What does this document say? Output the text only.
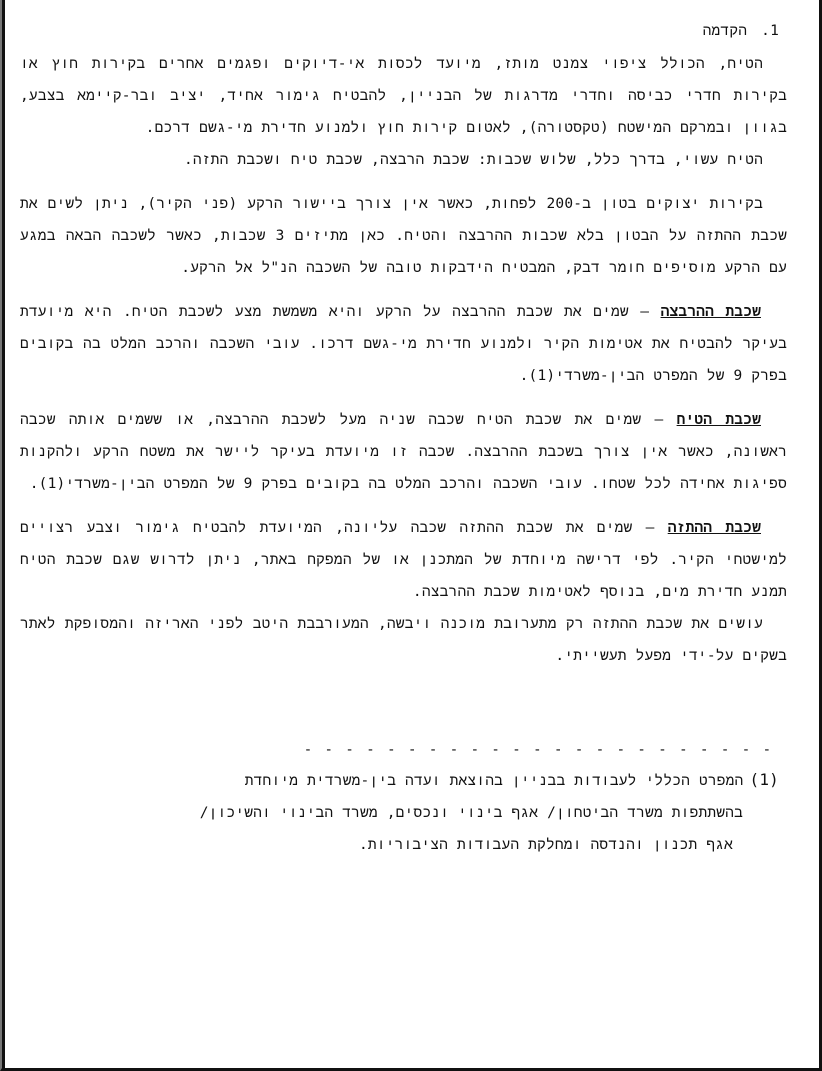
1.הקדמה

הטיח, הכולל ציפוי צמנט מותז, מיועד לכסות אי-דיוקים ופגמים אחרים בקירות חוץ או בקירות חדרי כביסה וחדרי מדרגות של הבניין, להבטיח גימור אחיד, יציב ובר-קיימא בצבע, בגוון ובמרקם המישטח (טקסטורה), לאטום קירות חוץ ולמנוע חדירת מי-גשם דרכם.

הטיח עשוי, בדרך כלל, שלוש שכבות: שכבת הרבצה, שכבת טיח ושכבת התזה.

בקירות יצוקים בטון ב-200 לפחות, כאשר אין צורך ביישור הרקע (פני הקיר), ניתן לשים את שכבת ההתזה על הבטון בלא שכבות ההרבצה והטיח. כאן מתיזים 3 שכבות, כאשר לשכבה הבאה במגע עם הרקע מוסיפים חומר דבק, המבטיח הידבקות טובה של השכבה הנ"ל אל הרקע.

שכבת ההרבצה – שמים את שכבת ההרבצה על הרקע והיא משמשת מצע לשכבת הטיח. היא מיועדת בעיקר להבטיח את אטימות הקיר ולמנוע חדירת מי-גשם דרכו. עובי השכבה והרכב המלט בה בקובים בפרק 9 של המפרט הבין-משרדי(1).

שכבת הטיח – שמים את שכבת הטיח שכבה שניה מעל לשכבת ההרבצה, או ששמים אותה שכבה ראשונה, כאשר אין צורך בשכבת ההרבצה. שכבה זו מיועדת בעיקר ליישר את משטח הרקע ולהקנות ספיגות אחידה לכל שטחו. עובי השכבה והרכב המלט בה בקובים בפרק 9 של המפרט הבין-משרדי(1).

שכבת ההתזה – שמים את שכבת ההתזה שכבה עליונה, המיועדת להבטיח גימור וצבע רצויים למישטחי הקיר. לפי דרישה מיוחדת של המתכנן או של המפקח באתר, ניתן לדרוש שגם שכבת הטיח תמנע חדירת מים, בנוסף לאטימות שכבת ההרבצה.

עושים את שכבת ההתזה רק מתערובת מוכנה ויבשה, המעורבבת היטב לפני האריזה והמסופקת לאתר בשקים על-ידי מפעל תעשייתי.

- - - - - - - - - - - - - - - - - - - - - - -
(1)המפרט הכללי לעבודות בבניין בהוצאת ועדה בין-משרדית מיוחדת
בהשתתפות משרד הביטחון/ אגף בינוי ונכסים, משרד הבינוי והשיכון/
אגף תכנון והנדסה ומחלקת העבודות הציבוריות.
